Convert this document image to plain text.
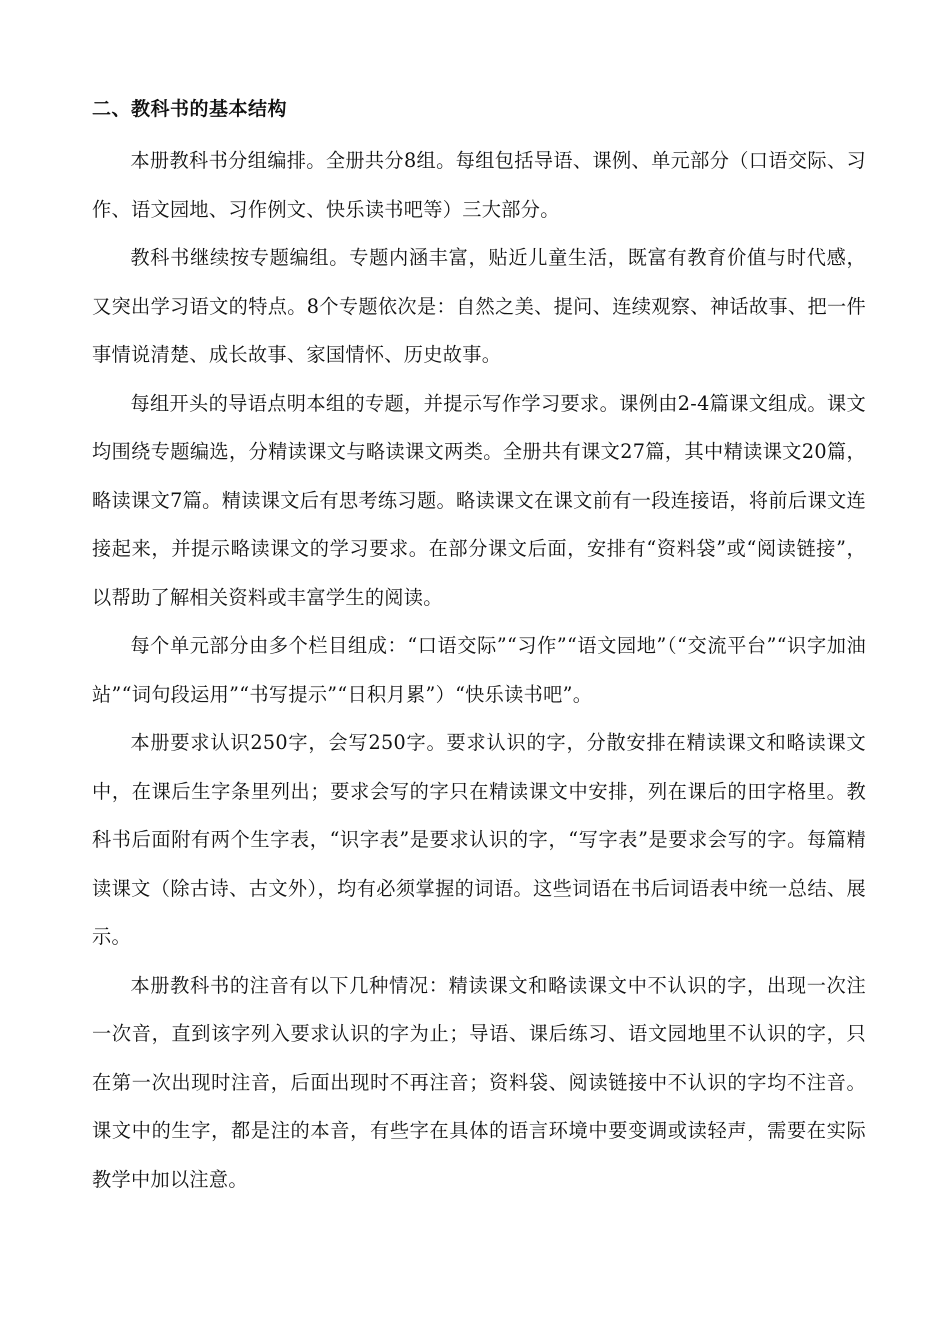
二、教科书的基本结构

本册教科书分组编排。全册共分8组。每组包括导语、课例、单元部分（口语交际、习作、语文园地、习作例文、快乐读书吧等）三大部分。

教科书继续按专题编组。专题内涵丰富，贴近儿童生活，既富有教育价值与时代感，又突出学习语文的特点。8个专题依次是：自然之美、提问、连续观察、神话故事、把一件事情说清楚、成长故事、家国情怀、历史故事。

每组开头的导语点明本组的专题，并提示写作学习要求。课例由2-4篇课文组成。课文均围绕专题编选，分精读课文与略读课文两类。全册共有课文27篇，其中精读课文20篇，略读课文7篇。精读课文后有思考练习题。略读课文在课文前有一段连接语，将前后课文连接起来，并提示略读课文的学习要求。在部分课文后面，安排有“资料袋”或“阅读链接”，以帮助了解相关资料或丰富学生的阅读。

每个单元部分由多个栏目组成：“口语交际”“习作”“语文园地”（“交流平台”“识字加油站”“词句段运用”“书写提示”“日积月累”）“快乐读书吧”。

本册要求认识250字，会写250字。要求认识的字，分散安排在精读课文和略读课文中，在课后生字条里列出；要求会写的字只在精读课文中安排，列在课后的田字格里。教科书后面附有两个生字表，“识字表”是要求认识的字，“写字表”是要求会写的字。每篇精读课文（除古诗、古文外），均有必须掌握的词语。这些词语在书后词语表中统一总结、展示。

本册教科书的注音有以下几种情况：精读课文和略读课文中不认识的字，出现一次注一次音，直到该字列入要求认识的字为止；导语、课后练习、语文园地里不认识的字，只在第一次出现时注音，后面出现时不再注音；资料袋、阅读链接中不认识的字均不注音。课文中的生字，都是注的本音，有些字在具体的语言环境中要变调或读轻声，需要在实际教学中加以注意。
